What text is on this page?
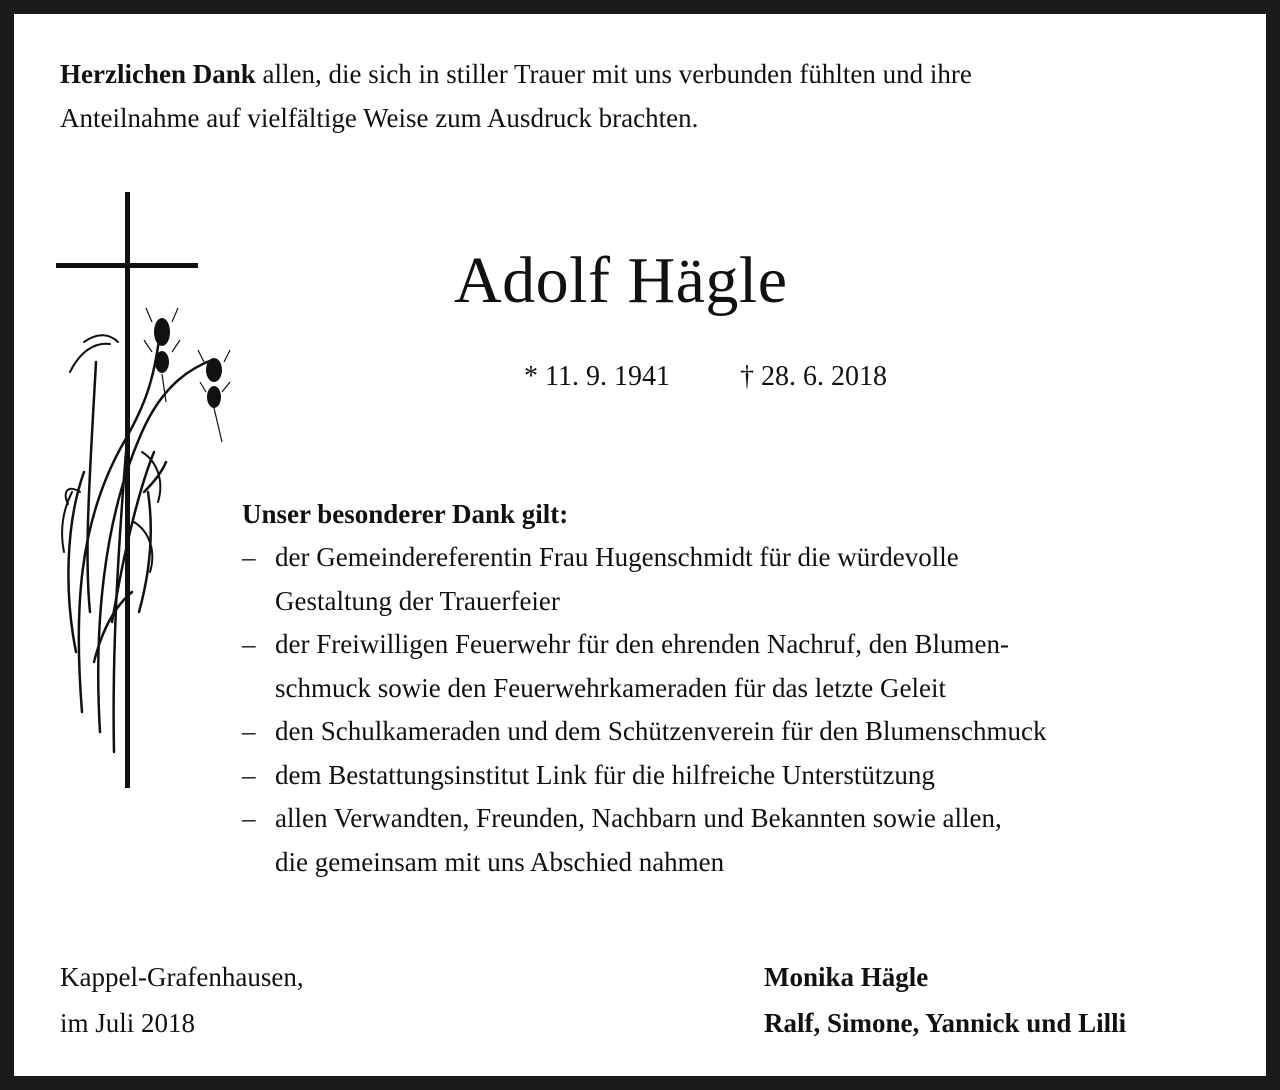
Herzlichen Dank allen, die sich in stiller Trauer mit uns verbunden fühlten und ihre
Anteilnahme auf vielfältige Weise zum Ausdruck brachten.

Adolf Hägle
* 11. 9. 1941	† 28. 6. 2018

Unser besonderer Dank gilt:

– der Gemeindereferentin Frau Hugenschmidt für die würdevolle
Gestaltung der Trauerfeier
– der Freiwilligen Feuerwehr für den ehrenden Nachruf, den Blumen-
schmuck sowie den Feuerwehrkameraden für das letzte Geleit
– den Schulkameraden und dem Schützenverein für den Blumenschmuck
– dem Bestattungsinstitut Link für die hilfreiche Unterstützung
– allen Verwandten, Freunden, Nachbarn und Bekannten sowie allen,
die gemeinsam mit uns Abschied nahmen
Kappel-Grafenhausen,
im Juli 2018
Monika Hägle
Ralf, Simone, Yannick und Lilli
